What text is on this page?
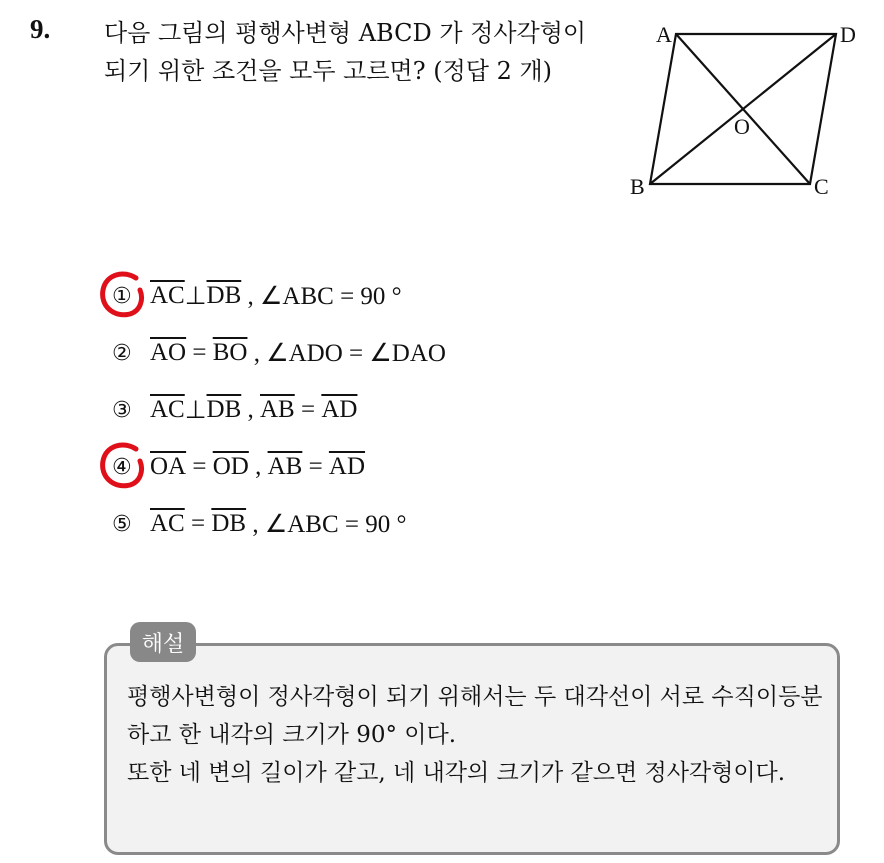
9. 다음 그림의 평행사변형 ABCD 가 정사각형이 되기 위한 조건을 모두 고르면? (정답 2 개)

A	D
O
B	C
① $\overline{AC}$ ⊥ $\overline{DB}$ , ∠ABC = 90 °
② $\overline{AO} = \overline{BO}$ , ∠ADO = ∠DAO
③ $\overline{AC}$ ⊥ $\overline{DB}$ , $\overline{AB} = \overline{AD}$
④ $\overline{OA} = \overline{OD}$ , $\overline{AB} = \overline{AD}$
⑤ $\overline{AC} = \overline{DB}$ , ∠ABC = 90 °
해설

평행사변형이 정사각형이 되기 위해서는 두 대각선이 서로 수직이등분하고 한 내각의 크기가 90° 이다.
또한 네 변의 길이가 같고, 네 내각의 크기가 같으면 정사각형이다.
